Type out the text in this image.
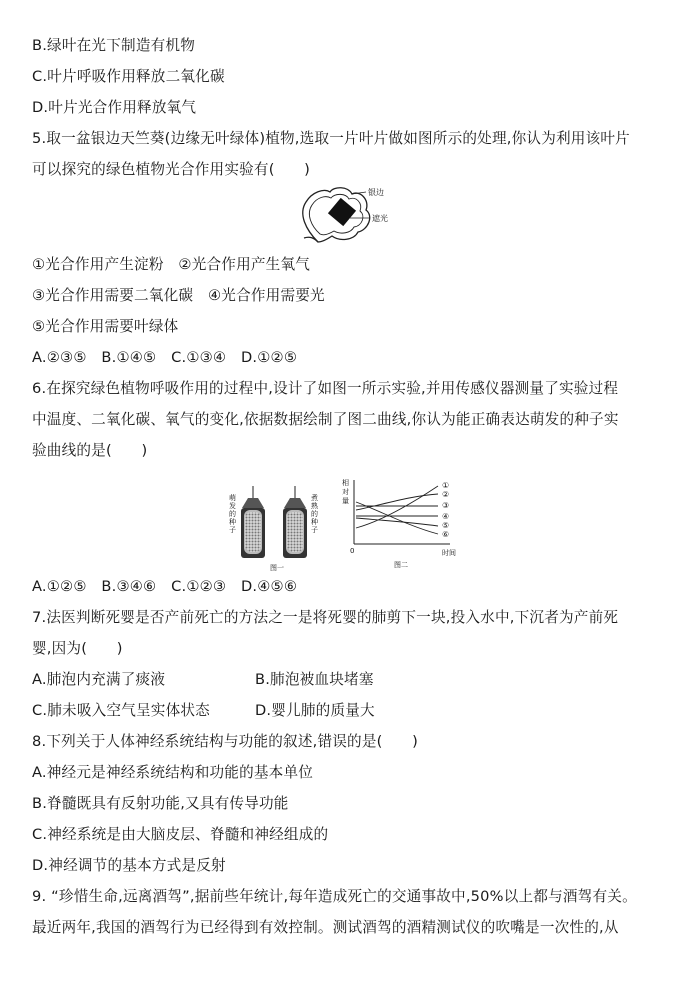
B.绿叶在光下制造有机物
C.叶片呼吸作用释放二氧化碳
D.叶片光合作用释放氧气
5.取一盆银边天竺葵(边缘无叶绿体)植物,选取一片叶片做如图所示的处理,你认为利用该叶片
可以探究的绿色植物光合作用实验有(　　)
银边
遮光
①光合作用产生淀粉　②光合作用产生氧气
③光合作用需要二氧化碳　④光合作用需要光
⑤光合作用需要叶绿体
A.②③⑤　B.①④⑤　C.①③④　D.①②⑤
6.在探究绿色植物呼吸作用的过程中,设计了如图一所示实验,并用传感仪器测量了实验过程
中温度、二氧化碳、氧气的变化,依据数据绘制了图二曲线,你认为能正确表达萌发的种子实
验曲线的是(　　)
萌
发
的
种
子
煮
熟
的
种
子
图一
相
对
量
0	时间
①
②
③
④
⑤
⑥
图二
A.①②⑤　B.③④⑥　C.①②③　D.④⑤⑥
7.法医判断死婴是否产前死亡的方法之一是将死婴的肺剪下一块,投入水中,下沉者为产前死
婴,因为(　　)
A.肺泡内充满了痰液	B.肺泡被血块堵塞
C.肺未吸入空气呈实体状态	D.婴儿肺的质量大
8.下列关于人体神经系统结构与功能的叙述,错误的是(　　)
A.神经元是神经系统结构和功能的基本单位
B.脊髓既具有反射功能,又具有传导功能
C.神经系统是由大脑皮层、脊髓和神经组成的
D.神经调节的基本方式是反射
9. “珍惜生命,远离酒驾”,据前些年统计,每年造成死亡的交通事故中,50%以上都与酒驾有关。
最近两年,我国的酒驾行为已经得到有效控制。测试酒驾的酒精测试仪的吹嘴是一次性的,从
